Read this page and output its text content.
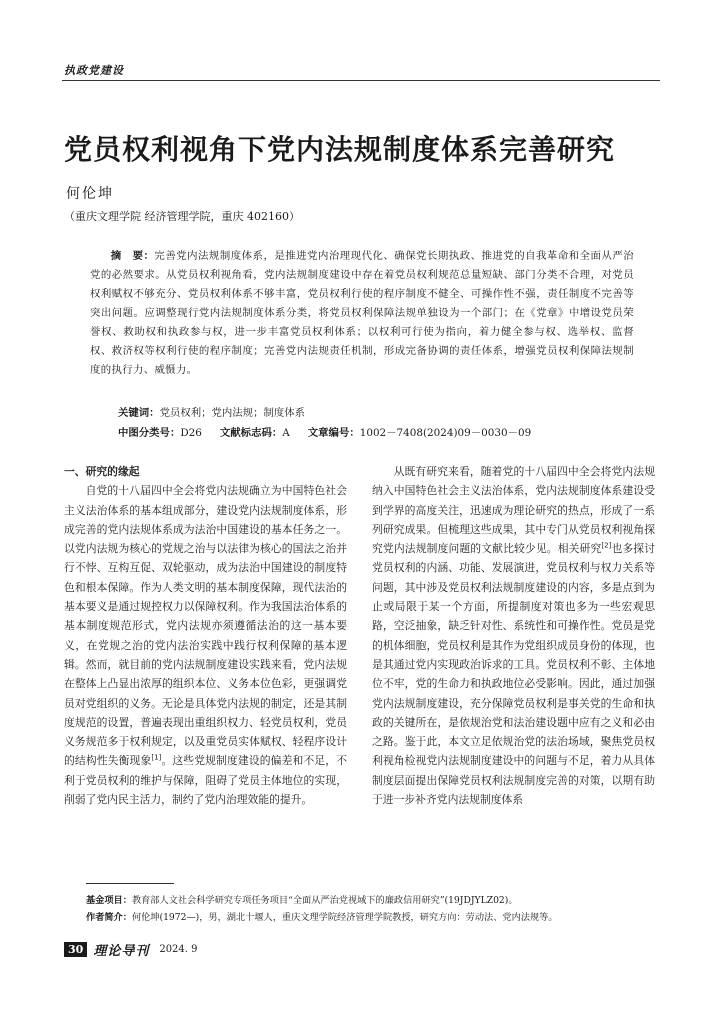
执政党建设
党员权利视角下党内法规制度体系完善研究
何伦坤
（重庆文理学院 经济管理学院，重庆 402160）

摘　要：完善党内法规制度体系，是推进党内治理现代化、确保党长期执政、推进党的自我革命和全面从严治党的必然要求。从党员权利视角看，党内法规制度建设中存在着党员权利规范总量短缺、部门分类不合理，对党员权利赋权不够充分、党员权利体系不够丰富，党员权利行使的程序制度不健全、可操作性不强，责任制度不完善等突出问题。应调整现行党内法规制度体系分类，将党员权利保障法规单独设为一个部门；在《党章》中增设党员荣誉权、救助权和执政参与权，进一步丰富党员权利体系；以权利可行使为指向，着力健全参与权、选举权、监督权、救济权等权利行使的程序制度；完善党内法规责任机制，形成完备协调的责任体系，增强党员权利保障法规制度的执行力、威慑力。

关键词：党员权利；党内法规；制度体系
中图分类号：D26 文献标志码：A 文章编号：1002－7408(2024)09－0030－09
一、研究的缘起

自党的十八届四中全会将党内法规确立为中国特色社会主义法治体系的基本组成部分，建设党内法规制度体系，形成完善的党内法规体系成为法治中国建设的基本任务之一。以党内法规为核心的党规之治与以法律为核心的国法之治并行不悖、互构互促、双轮驱动，成为法治中国建设的制度特色和根本保障。作为人类文明的基本制度保障，现代法治的基本要义是通过规控权力以保障权利。作为我国法治体系的基本制度规范形式，党内法规亦须遵循法治的这一基本要义，在党规之治的党内法治实践中践行权利保障的基本逻辑。然而，就目前的党内法规制度建设实践来看，党内法规在整体上凸显出浓厚的组织本位、义务本位色彩，更强调党员对党组织的义务。无论是具体党内法规的制定，还是其制度规范的设置，普遍表现出重组织权力、轻党员权利，党员义务规范多于权利规定，以及重党员实体赋权、轻程序设计的结构性失衡现象[1]。这些党规制度建设的偏差和不足，不利于党员权利的维护与保障，阻碍了党员主体地位的实现，削弱了党内民主活力，制约了党内治理效能的提升。

从既有研究来看，随着党的十八届四中全会将党内法规纳入中国特色社会主义法治体系，党内法规制度体系建设受到学界的高度关注，迅速成为理论研究的热点，形成了一系列研究成果。但梳理这些成果，其中专门从党员权利视角探究党内法规制度问题的文献比较少见。相关研究[2]也多探讨党员权利的内涵、功能、发展演进，党员权利与权力关系等问题，其中涉及党员权利法规制度建设的内容，多是点到为止或局限于某一个方面，所提制度对策也多为一些宏观思路，空泛抽象，缺乏针对性、系统性和可操作性。党员是党的机体细胞，党员权利是其作为党组织成员身份的体现，也是其通过党内实现政治诉求的工具。党员权利不彰、主体地位不牢，党的生命力和执政地位必受影响。因此，通过加强党内法规制度建设，充分保障党员权利是事关党的生命和执政的关键所在，是依规治党和法治建设题中应有之义和必由之路。鉴于此，本文立足依规治党的法治场域，聚焦党员权利视角检视党内法规制度建设中的问题与不足，着力从具体制度层面提出保障党员权利法规制度完善的对策，以期有助于进一步补齐党内法规制度体系

基金项目：教育部人文社会科学研究专项任务项目“全面从严治党视域下的廉政信用研究”(19JDJYLZ02)。
作者简介：何伦坤(1972—)，男，湖北十堰人，重庆文理学院经济管理学院教授，研究方向：劳动法、党内法规等。
30 理论导刊 2024. 9
